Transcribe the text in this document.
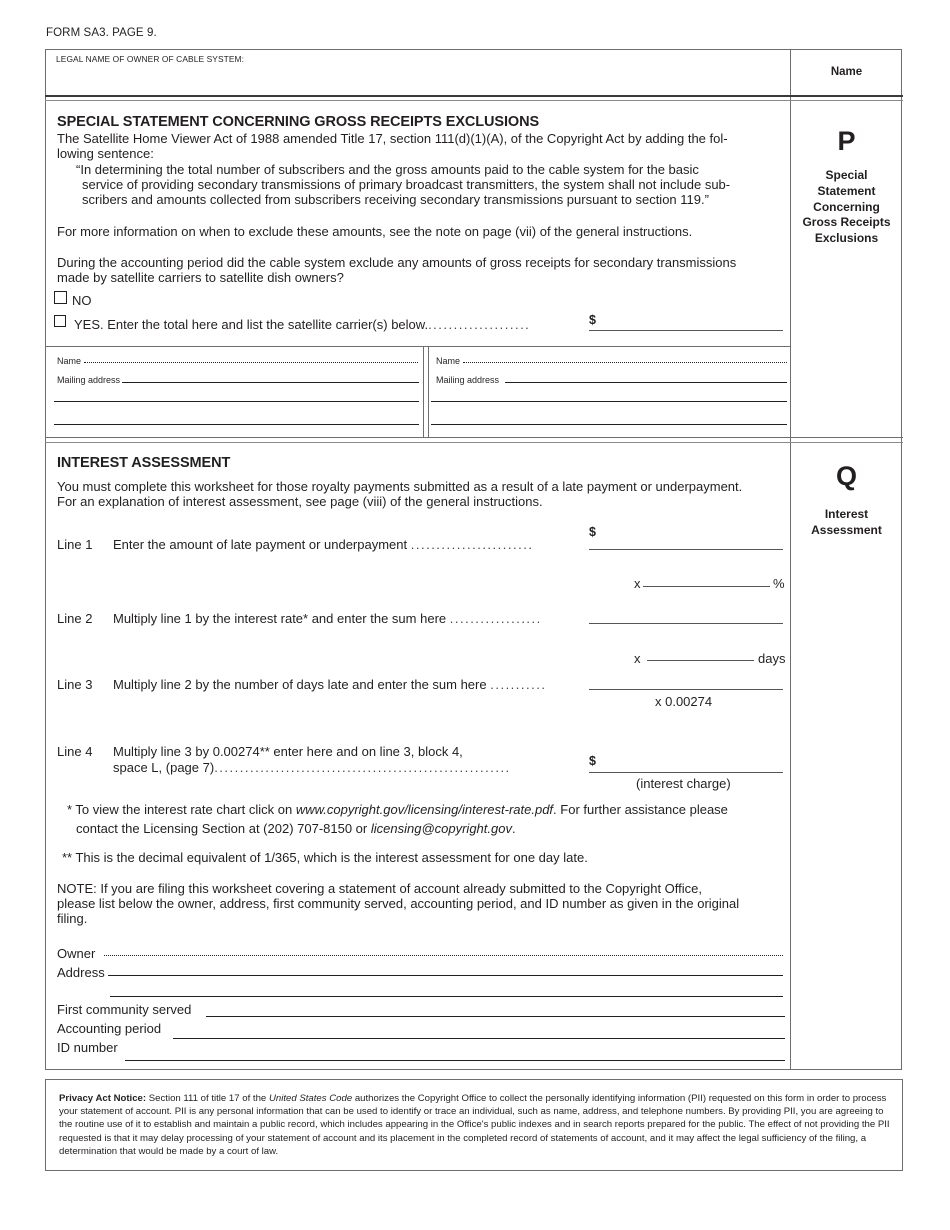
FORM SA3. PAGE 9.
LEGAL NAME OF OWNER OF CABLE SYSTEM:
Name
SPECIAL STATEMENT CONCERNING GROSS RECEIPTS EXCLUSIONS
The Satellite Home Viewer Act of 1988 amended Title 17, section 111(d)(1)(A), of the Copyright Act by adding the fol-
lowing sentence:
“In determining the total number of subscribers and the gross amounts paid to the cable system for the basic
service of providing secondary transmissions of primary broadcast transmitters, the system shall not include sub-
scribers and amounts collected from subscribers receiving secondary transmissions pursuant to section 119.”
For more information on when to exclude these amounts, see the note on page (vii) of the general instructions.
During the accounting period did the cable system exclude any amounts of gross receipts for secondary transmissions
made by satellite carriers to satellite dish owners?
NO
YES. Enter the total here and list the satellite carrier(s) below.....................	$
P
Special
Statement
Concerning
Gross Receipts
Exclusions
Name
Mailing address
Name
Mailing address
INTEREST ASSESSMENT
You must complete this worksheet for those royalty payments submitted as a result of a late payment or underpayment.
For an explanation of interest assessment, see page (viii) of the general instructions.
Q
Interest
Assessment
Line 1 Enter the amount of late payment or underpayment ........................
$
x	%
Line 2 Multiply line 1 by the interest rate* and enter the sum here ..................
x	days
Line 3 Multiply line 2 by the number of days late and enter the sum here ...........
x 0.00274
Line 4 Multiply line 3 by 0.00274** enter here and on line 3, block 4,
space L, (page 7)..........................................................	$
(interest charge)
* To view the interest rate chart click on www.copyright.gov/licensing/interest-rate.pdf. For further assistance please
contact the Licensing Section at (202) 707-8150 or licensing@copyright.gov.
** This is the decimal equivalent of 1/365, which is the interest assessment for one day late.
NOTE: If you are filing this worksheet covering a statement of account already submitted to the Copyright Office,
please list below the owner, address, first community served, accounting period, and ID number as given in the original
filing.
Owner
Address
First community served
Accounting period
ID number
Privacy Act Notice: Section 111 of title 17 of the United States Code authorizes the Copyright Office to collect the personally identifying information (PII) requested on this form in order to process your statement of account. PII is any personal information that can be used to identify or trace an individual, such as name, address, and telephone numbers. By providing PII, you are agreeing to the routine use of it to establish and maintain a public record, which includes appearing in the Office's public indexes and in search reports prepared for the public. The effect of not providing the PII requested is that it may delay processing of your statement of account and its placement in the completed record of statements of account, and it may affect the legal sufficiency of the filing, a determination that would be made by a court of law.
